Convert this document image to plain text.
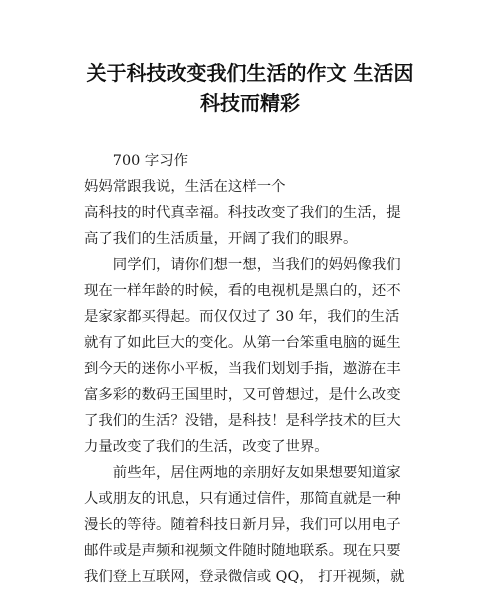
关于科技改变我们生活的作文 生活因
科技而精彩

700 字习作
妈妈常跟我说，生活在这样一个
高科技的时代真幸福。科技改变了我们的生活，提
高了我们的生活质量，开阔了我们的眼界。

同学们，请你们想一想，当我们的妈妈像我们
现在一样年龄的时候，看的电视机是黑白的，还不
是家家都买得起。而仅仅过了 30 年，我们的生活
就有了如此巨大的变化。从第一台笨重电脑的诞生
到今天的迷你小平板，当我们划划手指，遨游在丰
富多彩的数码王国里时，又可曾想过，是什么改变
了我们的生活？没错，是科技！是科学技术的巨大
力量改变了我们的生活，改变了世界。

前些年，居住两地的亲朋好友如果想要知道家
人或朋友的讯息，只有通过信件，那简直就是一种
漫长的等待。随着科技日新月异，我们可以用电子
邮件或是声频和视频文件随时随地联系。现在只要
我们登上互联网，登录微信或 QQ， 打开视频，就
